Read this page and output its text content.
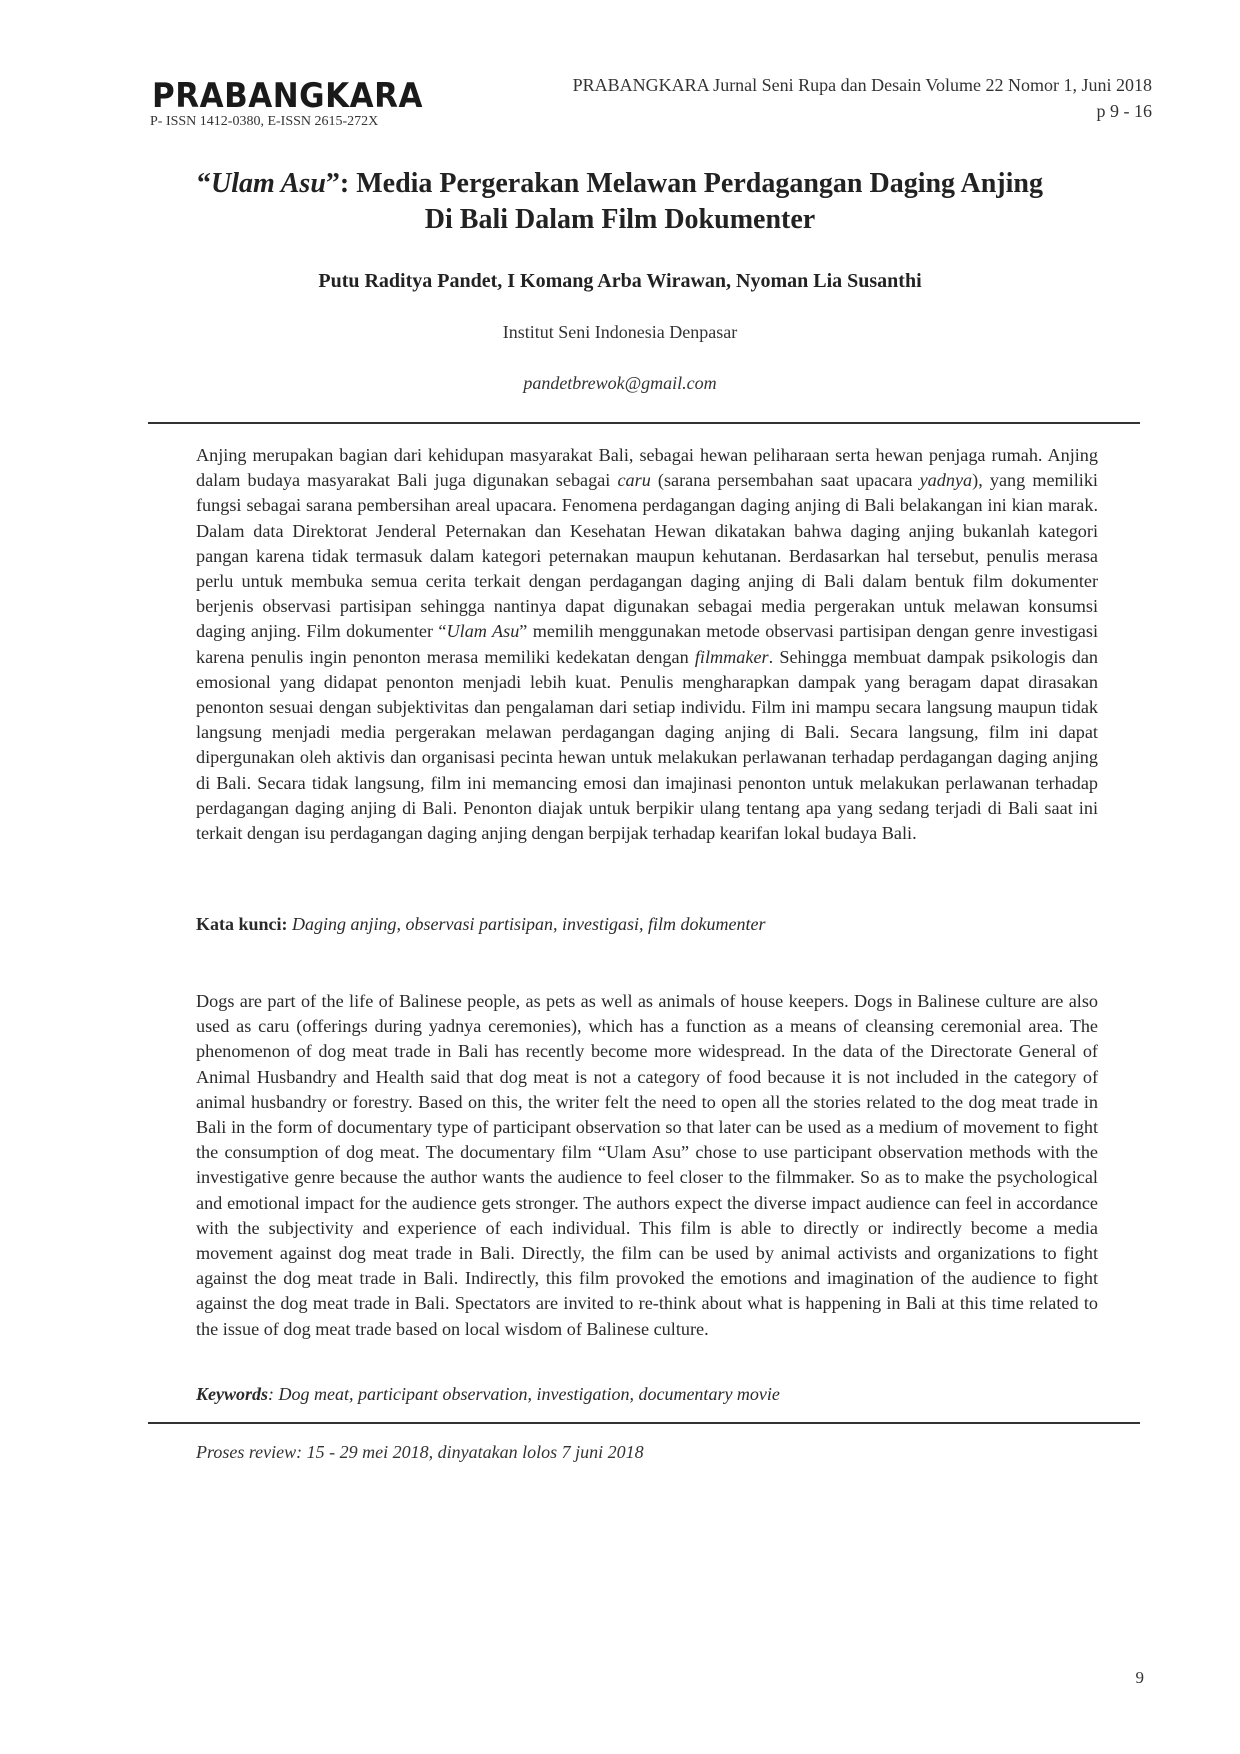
PRABANGKARA
P- ISSN 1412-0380, E-ISSN 2615-272X
PRABANGKARA Jurnal Seni Rupa dan Desain Volume 22 Nomor 1, Juni 2018
p 9 - 16
“Ulam Asu”: Media Pergerakan Melawan Perdagangan Daging Anjing
Di Bali Dalam Film Dokumenter
Putu Raditya Pandet, I Komang Arba Wirawan, Nyoman Lia Susanthi
Institut Seni Indonesia Denpasar
pandetbrewok@gmail.com
Anjing merupakan bagian dari kehidupan masyarakat Bali, sebagai hewan peliharaan serta hewan penjaga rumah. Anjing dalam budaya masyarakat Bali juga digunakan sebagai caru (sarana persembahan saat upacara yadnya), yang memiliki fungsi sebagai sarana pembersihan areal upacara. Fenomena perdagangan daging anjing di Bali belakangan ini kian marak. Dalam data Direktorat Jenderal Peternakan dan Kesehatan Hewan dikatakan bahwa daging anjing bukanlah kategori pangan karena tidak termasuk dalam kategori peternakan maupun kehutanan. Berdasarkan hal tersebut, penulis merasa perlu untuk membuka semua cerita terkait dengan perdagangan daging anjing di Bali dalam bentuk film dokumenter berjenis observasi partisipan sehingga nantinya dapat digunakan sebagai media pergerakan untuk melawan konsumsi daging anjing. Film dokumenter “Ulam Asu” memilih menggunakan metode observasi partisipan dengan genre investigasi karena penulis ingin penonton merasa memiliki kedekatan dengan filmmaker. Sehingga membuat dampak psikologis dan emosional yang didapat penonton menjadi lebih kuat. Penulis mengharapkan dampak yang beragam dapat dirasakan penonton sesuai dengan subjektivitas dan pengalaman dari setiap individu. Film ini mampu secara langsung maupun tidak langsung menjadi media pergerakan melawan perdagangan daging anjing di Bali. Secara langsung, film ini dapat dipergunakan oleh aktivis dan organisasi pecinta hewan untuk melakukan perlawanan terhadap perdagangan daging anjing di Bali. Secara tidak langsung, film ini memancing emosi dan imajinasi penonton untuk melakukan perlawanan terhadap perdagangan daging anjing di Bali. Penonton diajak untuk berpikir ulang tentang apa yang sedang terjadi di Bali saat ini terkait dengan isu perdagangan daging anjing dengan berpijak terhadap kearifan lokal budaya Bali.
Kata kunci: Daging anjing, observasi partisipan, investigasi, film dokumenter
Dogs are part of the life of Balinese people, as pets as well as animals of house keepers. Dogs in Balinese culture are also used as caru (offerings during yadnya ceremonies), which has a function as a means of cleansing ceremonial area. The phenomenon of dog meat trade in Bali has recently become more widespread. In the data of the Directorate General of Animal Husbandry and Health said that dog meat is not a category of food because it is not included in the category of animal husbandry or forestry. Based on this, the writer felt the need to open all the stories related to the dog meat trade in Bali in the form of documentary type of participant observation so that later can be used as a medium of movement to fight the consumption of dog meat. The documentary film “Ulam Asu” chose to use participant observation methods with the investigative genre because the author wants the audience to feel closer to the filmmaker. So as to make the psychological and emotional impact for the audience gets stronger. The authors expect the diverse impact audience can feel in accordance with the subjectivity and experience of each individual. This film is able to directly or indirectly become a media movement against dog meat trade in Bali. Directly, the film can be used by animal activists and organizations to fight against the dog meat trade in Bali. Indirectly, this film provoked the emotions and imagination of the audience to fight against the dog meat trade in Bali. Spectators are invited to re-think about what is happening in Bali at this time related to the issue of dog meat trade based on local wisdom of Balinese culture.
Keywords: Dog meat, participant observation, investigation, documentary movie
Proses review: 15 - 29 mei 2018, dinyatakan lolos 7 juni 2018
9
